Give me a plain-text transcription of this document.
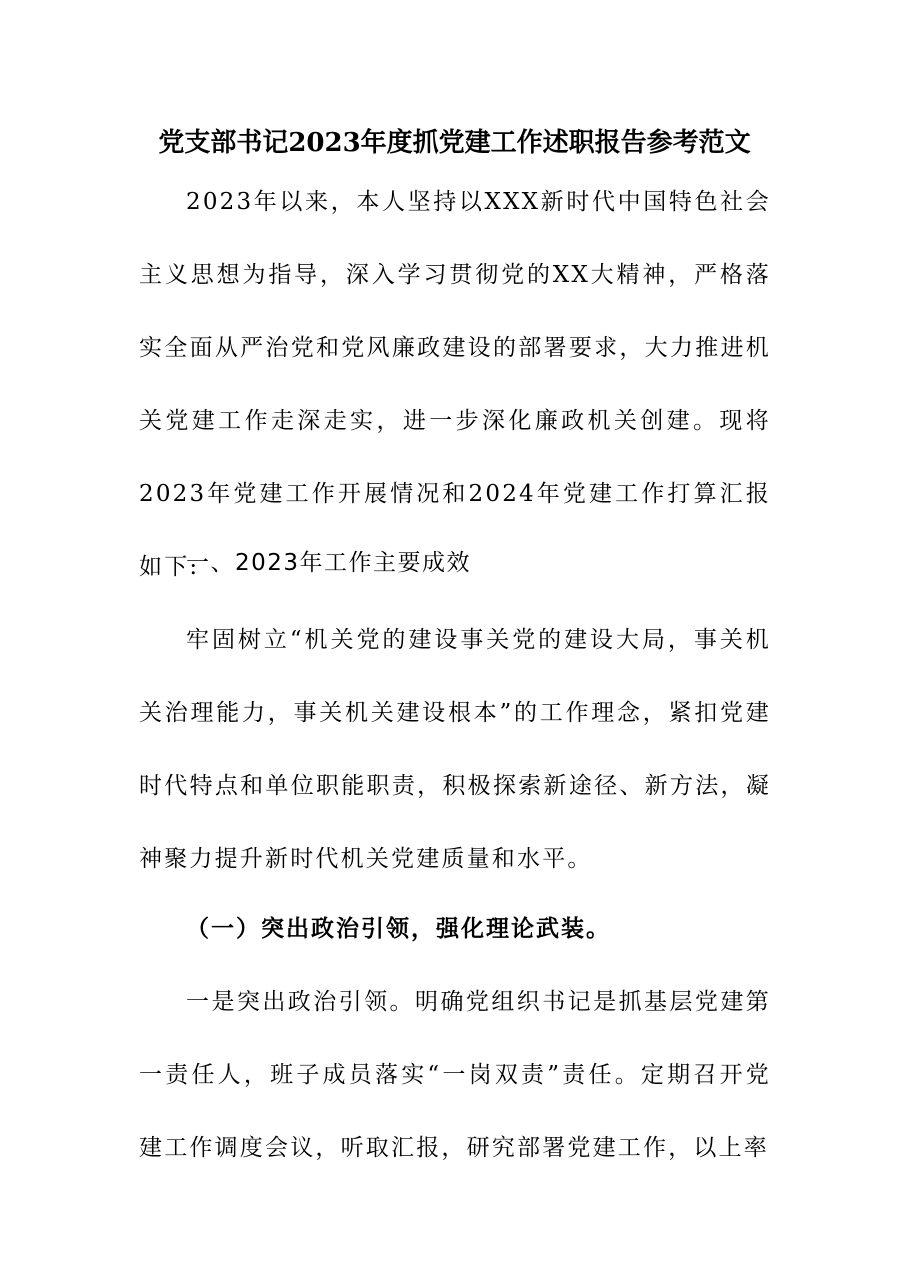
党支部书记2023年度抓党建工作述职报告参考范文
2023年以来，本人坚持以XXX新时代中国特色社会主义思想为指导，深入学习贯彻党的XX大精神，严格落实全面从严治党和党风廉政建设的部署要求，大力推进机关党建工作走深走实，进一步深化廉政机关创建。现将2023年党建工作开展情况和2024年党建工作打算汇报如下:
一、2023年工作主要成效
牢固树立“机关党的建设事关党的建设大局，事关机关治理能力，事关机关建设根本”的工作理念，紧扣党建时代特点和单位职能职责，积极探索新途径、新方法，凝神聚力提升新时代机关党建质量和水平。
（一）突出政治引领，强化理论武装。
一是突出政治引领。明确党组织书记是抓基层党建第一责任人，班子成员落实“一岗双责”责任。定期召开党建工作调度会议，听取汇报，研究部署党建工作，以上率
